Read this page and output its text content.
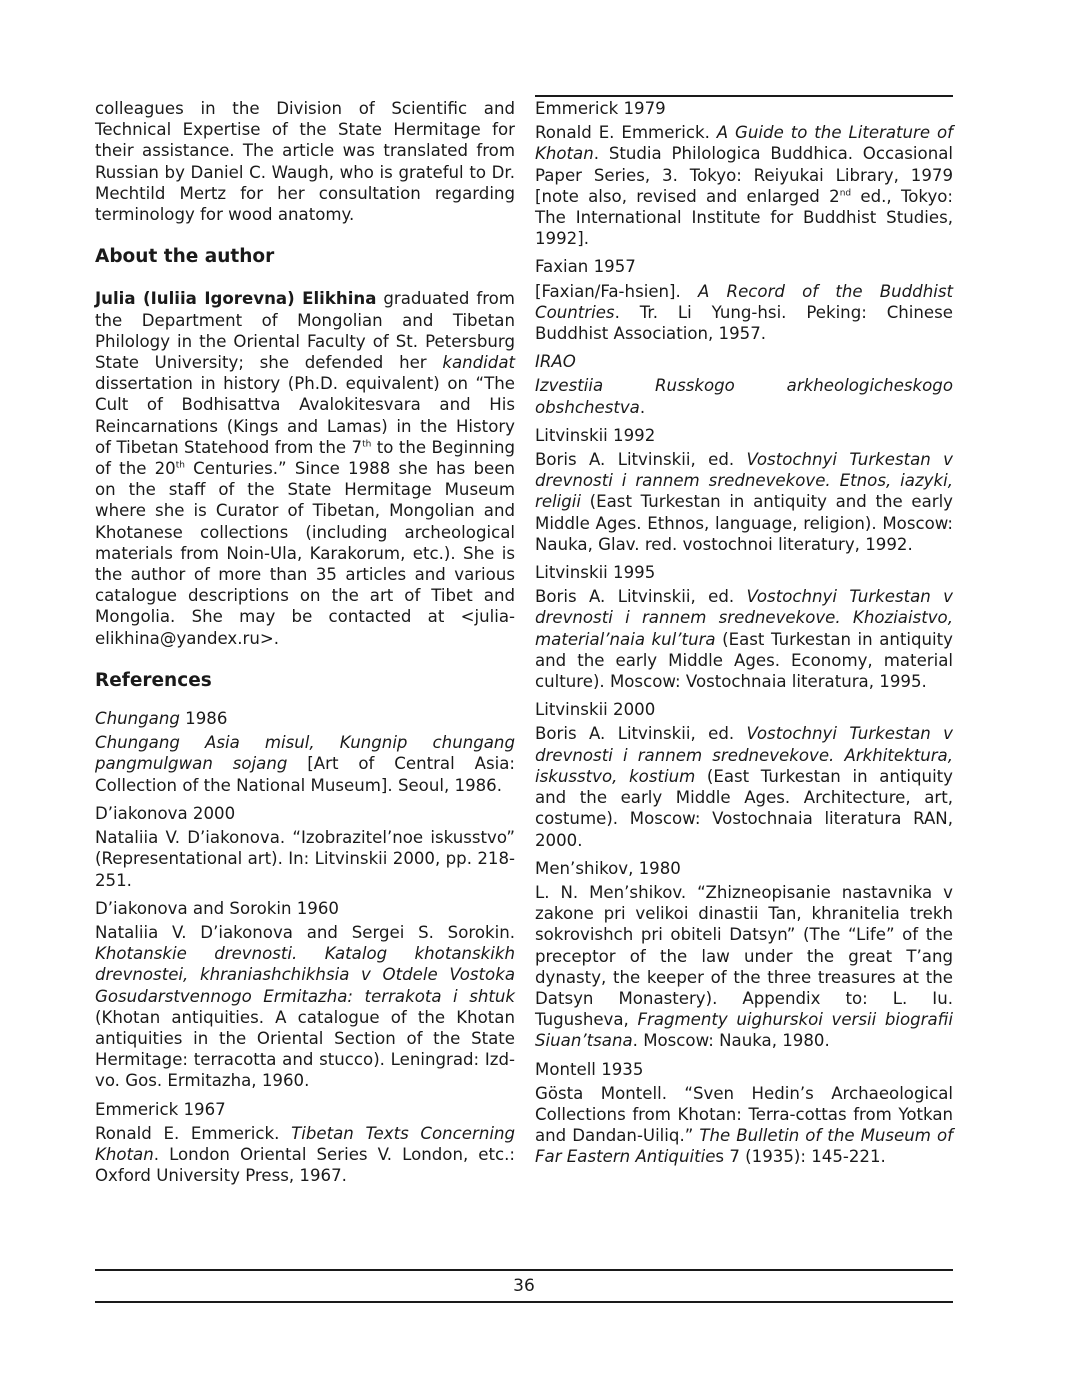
colleagues in the Division of Scientific and Technical Expertise of the State Hermitage for their assistance. The article was translated from Russian by Daniel C. Waugh, who is grateful to Dr. Mechtild Mertz for her consultation regarding terminology for wood anatomy.

About the author

Julia (Iuliia Igorevna) Elikhina graduated from the Department of Mongolian and Tibetan Philology in the Oriental Faculty of St. Petersburg State University; she defended her kandidat dissertation in history (Ph.D. equivalent) on “The Cult of Bodhisattva Avalokitesvara and His Reincarnations (Kings and Lamas) in the History of Tibetan Statehood from the 7th to the Beginning of the 20th Centuries.” Since 1988 she has been on the staff of the State Hermitage Museum where she is Curator of Tibetan, Mongolian and Khotanese collections (including archeological materials from Noin-Ula, Karakorum, etc.). She is the author of more than 35 articles and various catalogue descriptions on the art of Tibet and Mongolia. She may be contacted at <julia-elikhina@yandex.ru>.

References

Chungang 1986

Chungang Asia misul, Kungnip chungang pangmulgwan sojang [Art of Central Asia: Collection of the National Museum]. Seoul, 1986.

D’iakonova 2000

Nataliia V. D’iakonova. “Izobrazitel’noe iskusstvo” (Representational art). In: Litvinskii 2000, pp. 218-251.

D’iakonova and Sorokin 1960

Nataliia V. D’iakonova and Sergei S. Sorokin. Khotanskie drevnosti. Katalog khotanskikh drevnostei, khraniashchikhsia v Otdele Vostoka Gosudarstvennogo Ermitazha: terrakota i shtuk (Khotan antiquities. A catalogue of the Khotan antiquities in the Oriental Section of the State Hermitage: terracotta and stucco). Leningrad: Izd-vo. Gos. Ermitazha, 1960.

Emmerick 1967

Ronald E. Emmerick. Tibetan Texts Concerning Khotan. London Oriental Series V. London, etc.: Oxford University Press, 1967.

Emmerick 1979

Ronald E. Emmerick. A Guide to the Literature of Khotan. Studia Philologica Buddhica. Occasional Paper Series, 3. Tokyo: Reiyukai Library, 1979 [note also, revised and enlarged 2nd ed., Tokyo: The International Institute for Buddhist Studies, 1992].

Faxian 1957

[Faxian/Fa-hsien]. A Record of the Buddhist Countries. Tr. Li Yung-hsi. Peking: Chinese Buddhist Association, 1957.

IRAO

Izvestiia Russkogo arkheologicheskogo obshchestva.

Litvinskii 1992

Boris A. Litvinskii, ed. Vostochnyi Turkestan v drevnosti i rannem srednevekove. Etnos, iazyki, religii (East Turkestan in antiquity and the early Middle Ages. Ethnos, language, religion). Moscow: Nauka, Glav. red. vostochnoi literatury, 1992.

Litvinskii 1995

Boris A. Litvinskii, ed. Vostochnyi Turkestan v drevnosti i rannem srednevekove. Khoziaistvo, material’naia kul’tura (East Turkestan in antiquity and the early Middle Ages. Economy, material culture). Moscow: Vostochnaia literatura, 1995.

Litvinskii 2000

Boris A. Litvinskii, ed. Vostochnyi Turkestan v drevnosti i rannem srednevekove. Arkhitektura, iskusstvo, kostium (East Turkestan in antiquity and the early Middle Ages. Architecture, art, costume). Moscow: Vostochnaia literatura RAN, 2000.

Men’shikov, 1980

L. N. Men’shikov. “Zhizneopisanie nastavnika v zakone pri velikoi dinastii Tan, khranitelia trekh sokrovishch pri obiteli Datsyn” (The “Life” of the preceptor of the law under the great T’ang dynasty, the keeper of the three treasures at the Datsyn Monastery). Appendix to: L. Iu. Tugusheva, Fragmenty uighurskoi versii biografii Siuan’tsana. Moscow: Nauka, 1980.

Montell 1935

Gösta Montell. “Sven Hedin’s Archaeological Collections from Khotan: Terra-cottas from Yotkan and Dandan-Uiliq.” The Bulletin of the Museum of Far Eastern Antiquities 7 (1935): 145-221.

36
